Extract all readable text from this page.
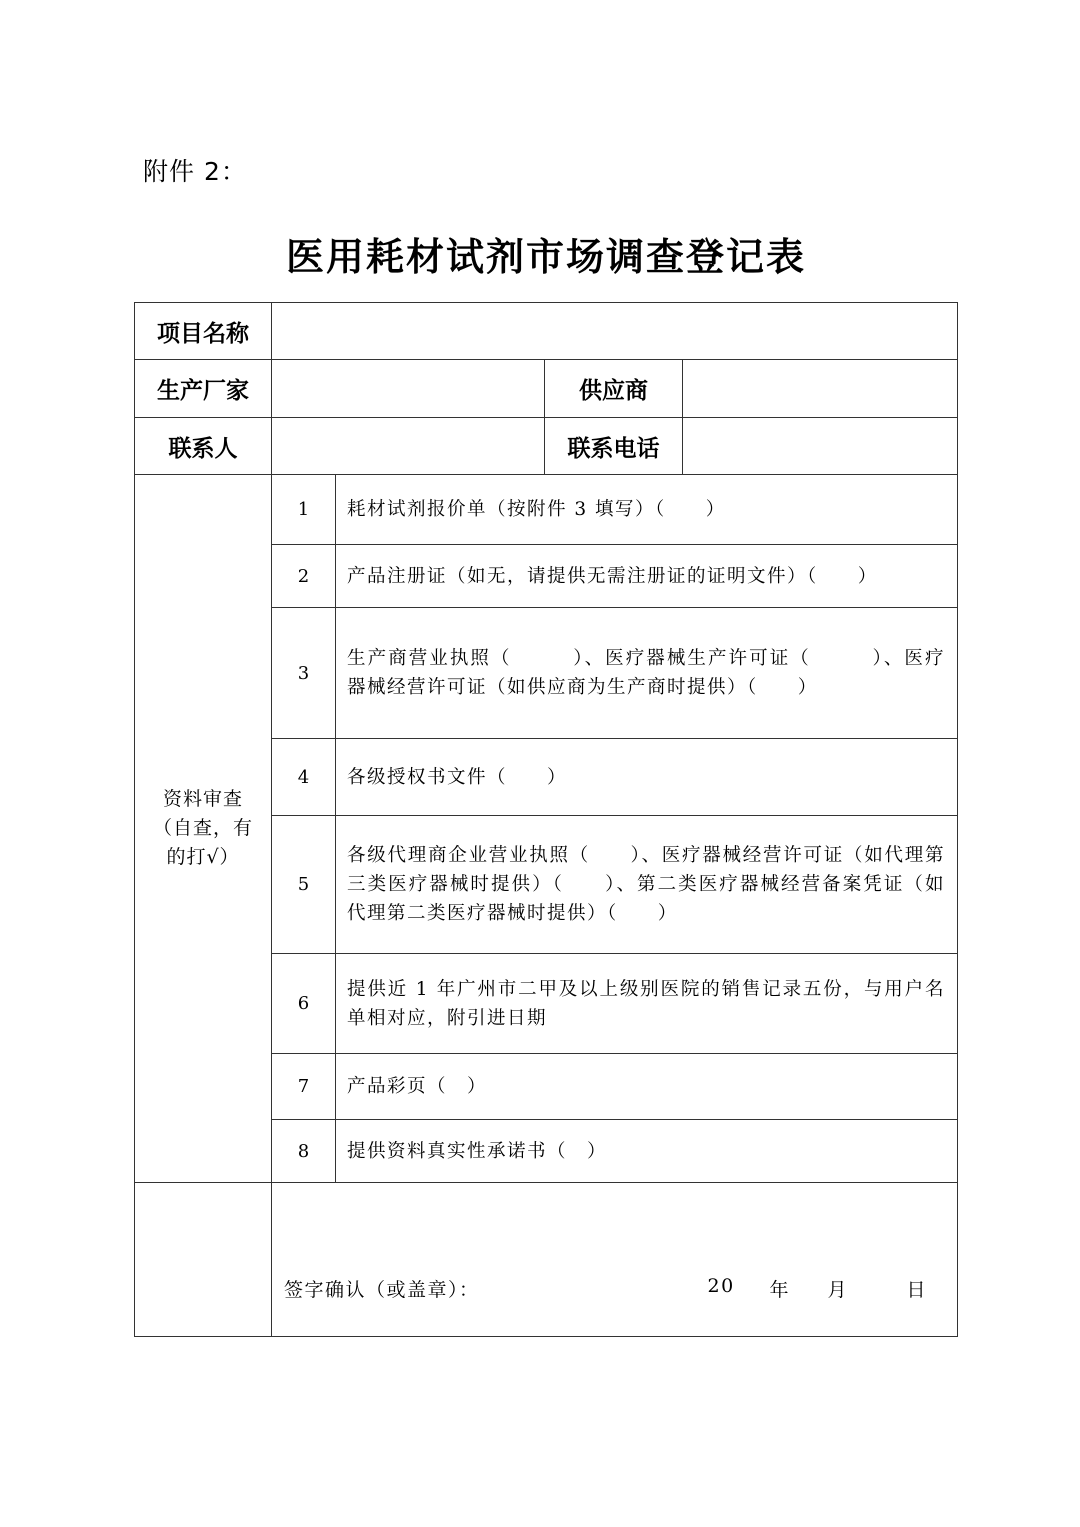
附件 2：
医用耗材试剂市场调查登记表
项目名称				
生产厂家			供应商	
联系人			联系电话	
资料审查（自查，有的打√）	1	耗材试剂报价单（按附件 3 填写）（　　）		
	2	产品注册证（如无，请提供无需注册证的证明文件）（　　）		
	3	生产商营业执照（　　　）、医疗器械生产许可证（　　　）、医疗器械经营许可证（如供应商为生产商时提供）（　　）		
	4	各级授权书文件（　　）		
	5	各级代理商企业营业执照（　　）、医疗器械经营许可证（如代理第三类医疗器械时提供）（　　）、第二类医疗器械经营备案凭证（如代理第二类医疗器械时提供）（　　）		
	6	提供近 1 年广州市二甲及以上级别医院的销售记录五份，与用户名单相对应，附引进日期		
	7	产品彩页（　）		
	8	提供资料真实性承诺书（　）		

	签字确认（或盖章）： 20 年 月 日			
